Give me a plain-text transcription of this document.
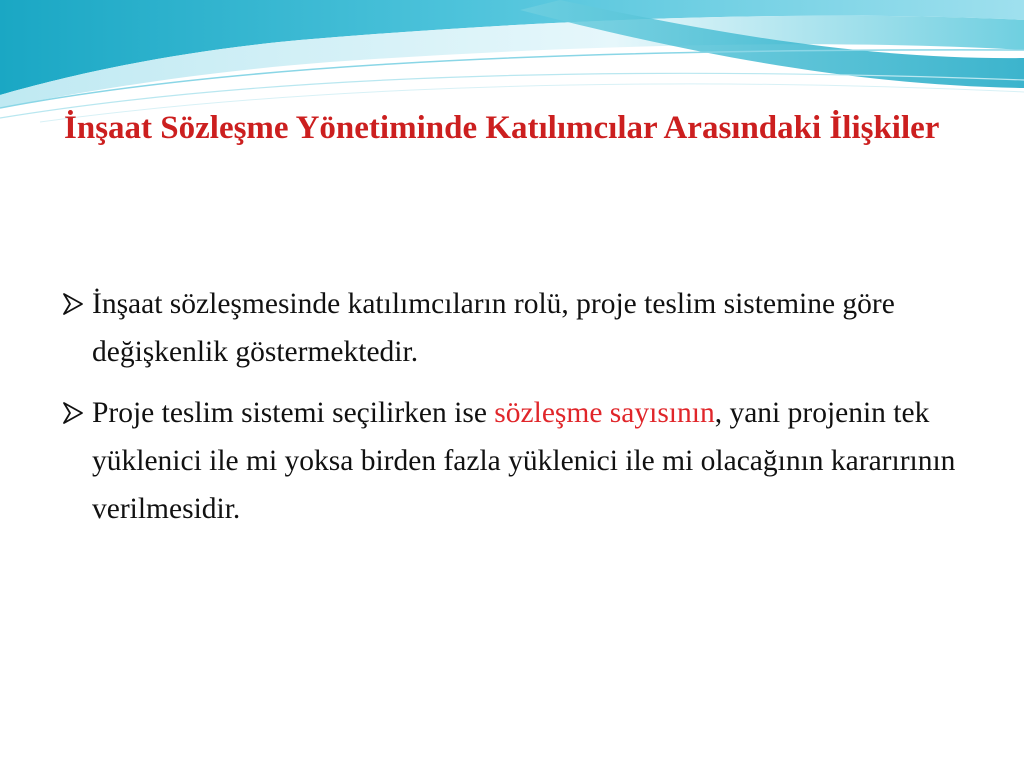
İnşaat Sözleşme Yönetiminde Katılımcılar Arasındaki İlişkiler
İnşaat sözleşmesinde katılımcıların rolü, proje teslim sistemine göre değişkenlik göstermektedir.
Proje teslim sistemi seçilirken ise sözleşme sayısının, yani projenin tek yüklenici ile mi yoksa birden fazla yüklenici ile mi olacağının kararırının verilmesidir.
